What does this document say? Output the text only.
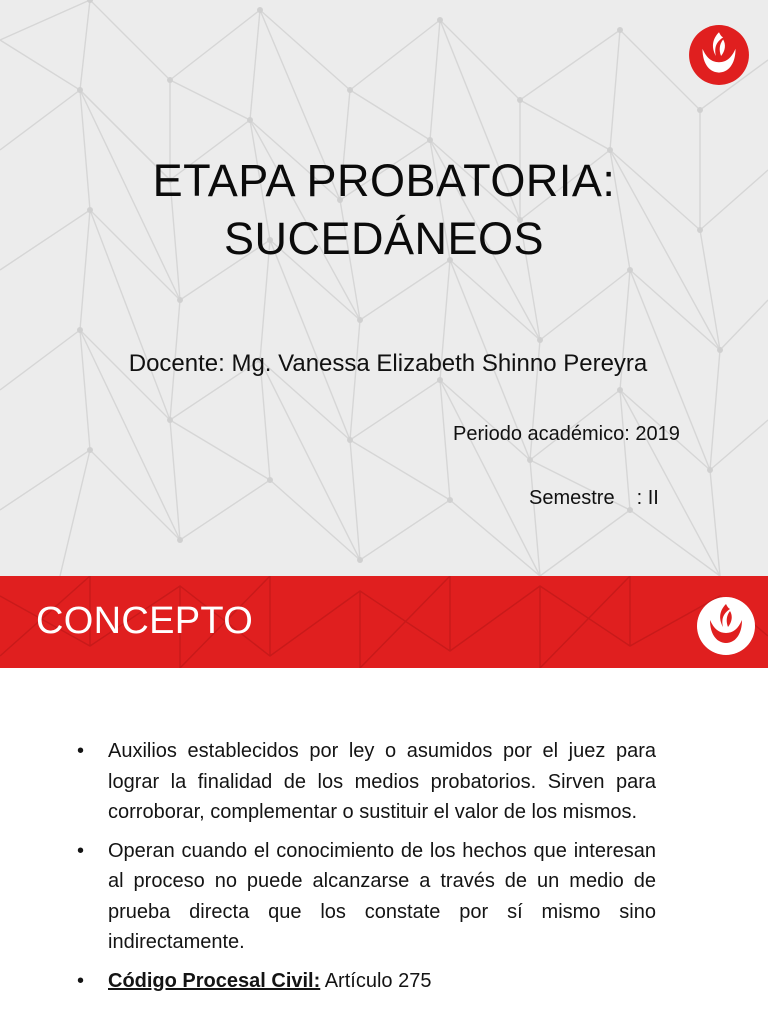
ETAPA PROBATORIA:
SUCEDÁNEOS
Docente: Mg. Vanessa Elizabeth Shinno Pereyra
Periodo académico: 2019
Semestre : II
CONCEPTO
• Auxilios establecidos por ley o asumidos por el juez para lograr la finalidad de los medios probatorios. Sirven para corroborar, complementar o sustituir el valor de los mismos.
• Operan cuando el conocimiento de los hechos que interesan al proceso no puede alcanzarse a través de un medio de prueba directa que los constate por sí mismo sino indirectamente.
• Código Procesal Civil: Artículo 275
